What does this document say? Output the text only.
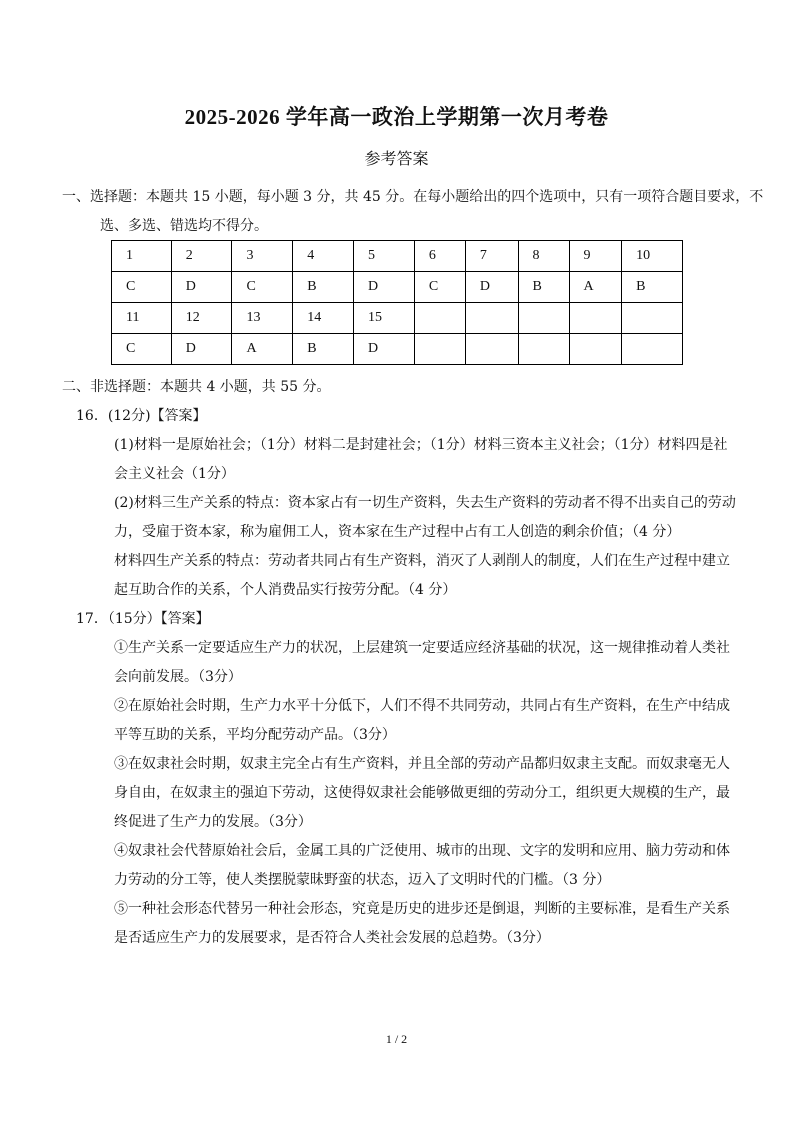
2025-2026 学年高一政治上学期第一次月考卷
参考答案
一、选择题：本题共 15 小题，每小题 3 分，共 45 分。在每小题给出的四个选项中，只有一项符合题目要求，不选、多选、错选均不得分。
1	2	3	4	5	6	7	8	9	10
C	D	C	B	D	C	D	B	A	B
11	12	13	14	15					
C	D	A	B	D					
二、非选择题：本题共 4 小题，共 55 分。
16．(12分)【答案】
(1)材料一是原始社会；（1分）材料二是封建社会；（1分）材料三资本主义社会；（1分）材料四是社会主义社会（1分）
(2)材料三生产关系的特点：资本家占有一切生产资料，失去生产资料的劳动者不得不出卖自己的劳动力，受雇于资本家，称为雇佣工人，资本家在生产过程中占有工人创造的剩余价值；（4 分）
材料四生产关系的特点：劳动者共同占有生产资料，消灭了人剥削人的制度，人们在生产过程中建立起互助合作的关系，个人消费品实行按劳分配。（4 分）
17．（15分）【答案】
①生产关系一定要适应生产力的状况，上层建筑一定要适应经济基础的状况，这一规律推动着人类社会向前发展。（3分）
②在原始社会时期，生产力水平十分低下，人们不得不共同劳动，共同占有生产资料，在生产中结成平等互助的关系，平均分配劳动产品。（3分）
③在奴隶社会时期，奴隶主完全占有生产资料，并且全部的劳动产品都归奴隶主支配。而奴隶毫无人身自由，在奴隶主的强迫下劳动，这使得奴隶社会能够做更细的劳动分工，组织更大规模的生产，最终促进了生产力的发展。（3分）
④奴隶社会代替原始社会后，金属工具的广泛使用、城市的出现、文字的发明和应用、脑力劳动和体力劳动的分工等，使人类摆脱蒙昧野蛮的状态，迈入了文明时代的门槛。（3 分）
⑤一种社会形态代替另一种社会形态，究竟是历史的进步还是倒退，判断的主要标准，是看生产关系是否适应生产力的发展要求，是否符合人类社会发展的总趋势。（3分）
1 / 2
